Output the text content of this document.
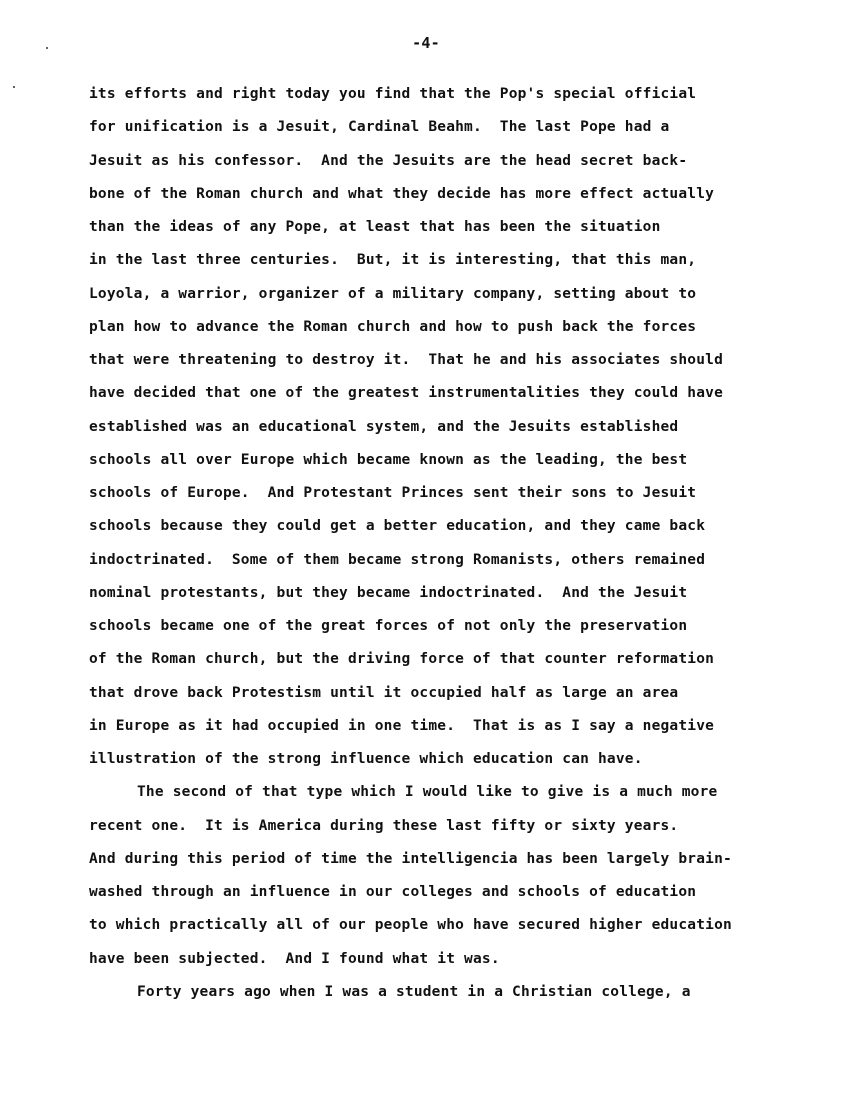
-4-
its efforts and right today you find that the Pop's special official
for unification is a Jesuit, Cardinal Beahm.  The last Pope had a
Jesuit as his confessor.  And the Jesuits are the head secret back-
bone of the Roman church and what they decide has more effect actually
than the ideas of any Pope, at least that has been the situation
in the last three centuries.  But, it is interesting, that this man,
Loyola, a warrior, organizer of a military company, setting about to
plan how to advance the Roman church and how to push back the forces
that were threatening to destroy it.  That he and his associates should
have decided that one of the greatest instrumentalities they could have
established was an educational system, and the Jesuits established
schools all over Europe which became known as the leading, the best
schools of Europe.  And Protestant Princes sent their sons to Jesuit
schools because they could get a better education, and they came back
indoctrinated.  Some of them became strong Romanists, others remained
nominal protestants, but they became indoctrinated.  And the Jesuit
schools became one of the great forces of not only the preservation
of the Roman church, but the driving force of that counter reformation
that drove back Protestism until it occupied half as large an area
in Europe as it had occupied in one time.  That is as I say a negative
illustration of the strong influence which education can have.
The second of that type which I would like to give is a much more
recent one.  It is America during these last fifty or sixty years.
And during this period of time the intelligencia has been largely brain-
washed through an influence in our colleges and schools of education
to which practically all of our people who have secured higher education
have been subjected.  And I found what it was.
Forty years ago when I was a student in a Christian college, a
